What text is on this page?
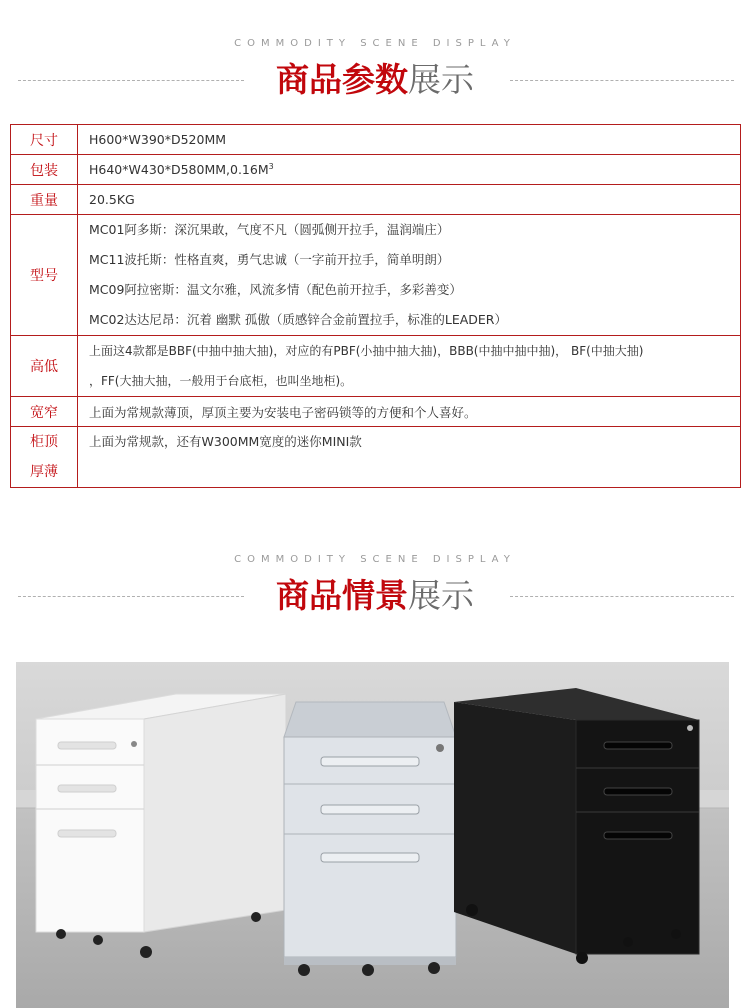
COMMODITY SCENE DISPLAY
商品参数展示
尺寸	H600*W390*D520MM
包装	$H640*W430*D580MM,0.16M^3$
重量	20.5KG
型号	MC01阿多斯：深沉果敢，气度不凡（圆弧侧开拉手，温润端庄）
MC11波托斯：性格直爽，勇气忠诚（一字前开拉手，简单明朗）
MC09阿拉密斯：温文尔雅，风流多情（配色前开拉手，多彩善变）
MC02达达尼昂：沉着 幽默 孤傲（质感锌合金前置拉手，标准的LEADER）

高低	上面这4款都是BBF(中抽中抽大抽)，对应的有PBF(小抽中抽大抽)，BBB(中抽中抽中抽)， BF(中抽大抽)
，FF(大抽大抽，一般用于台底柜，也叫坐地柜)。

宽窄	上面为常规款薄顶，厚顶主要为安装电子密码锁等的方便和个人喜好。

柜顶
厚薄	上面为常规款，还有W300MM宽度的迷你MINI款
COMMODITY SCENE DISPLAY
商品情景展示
